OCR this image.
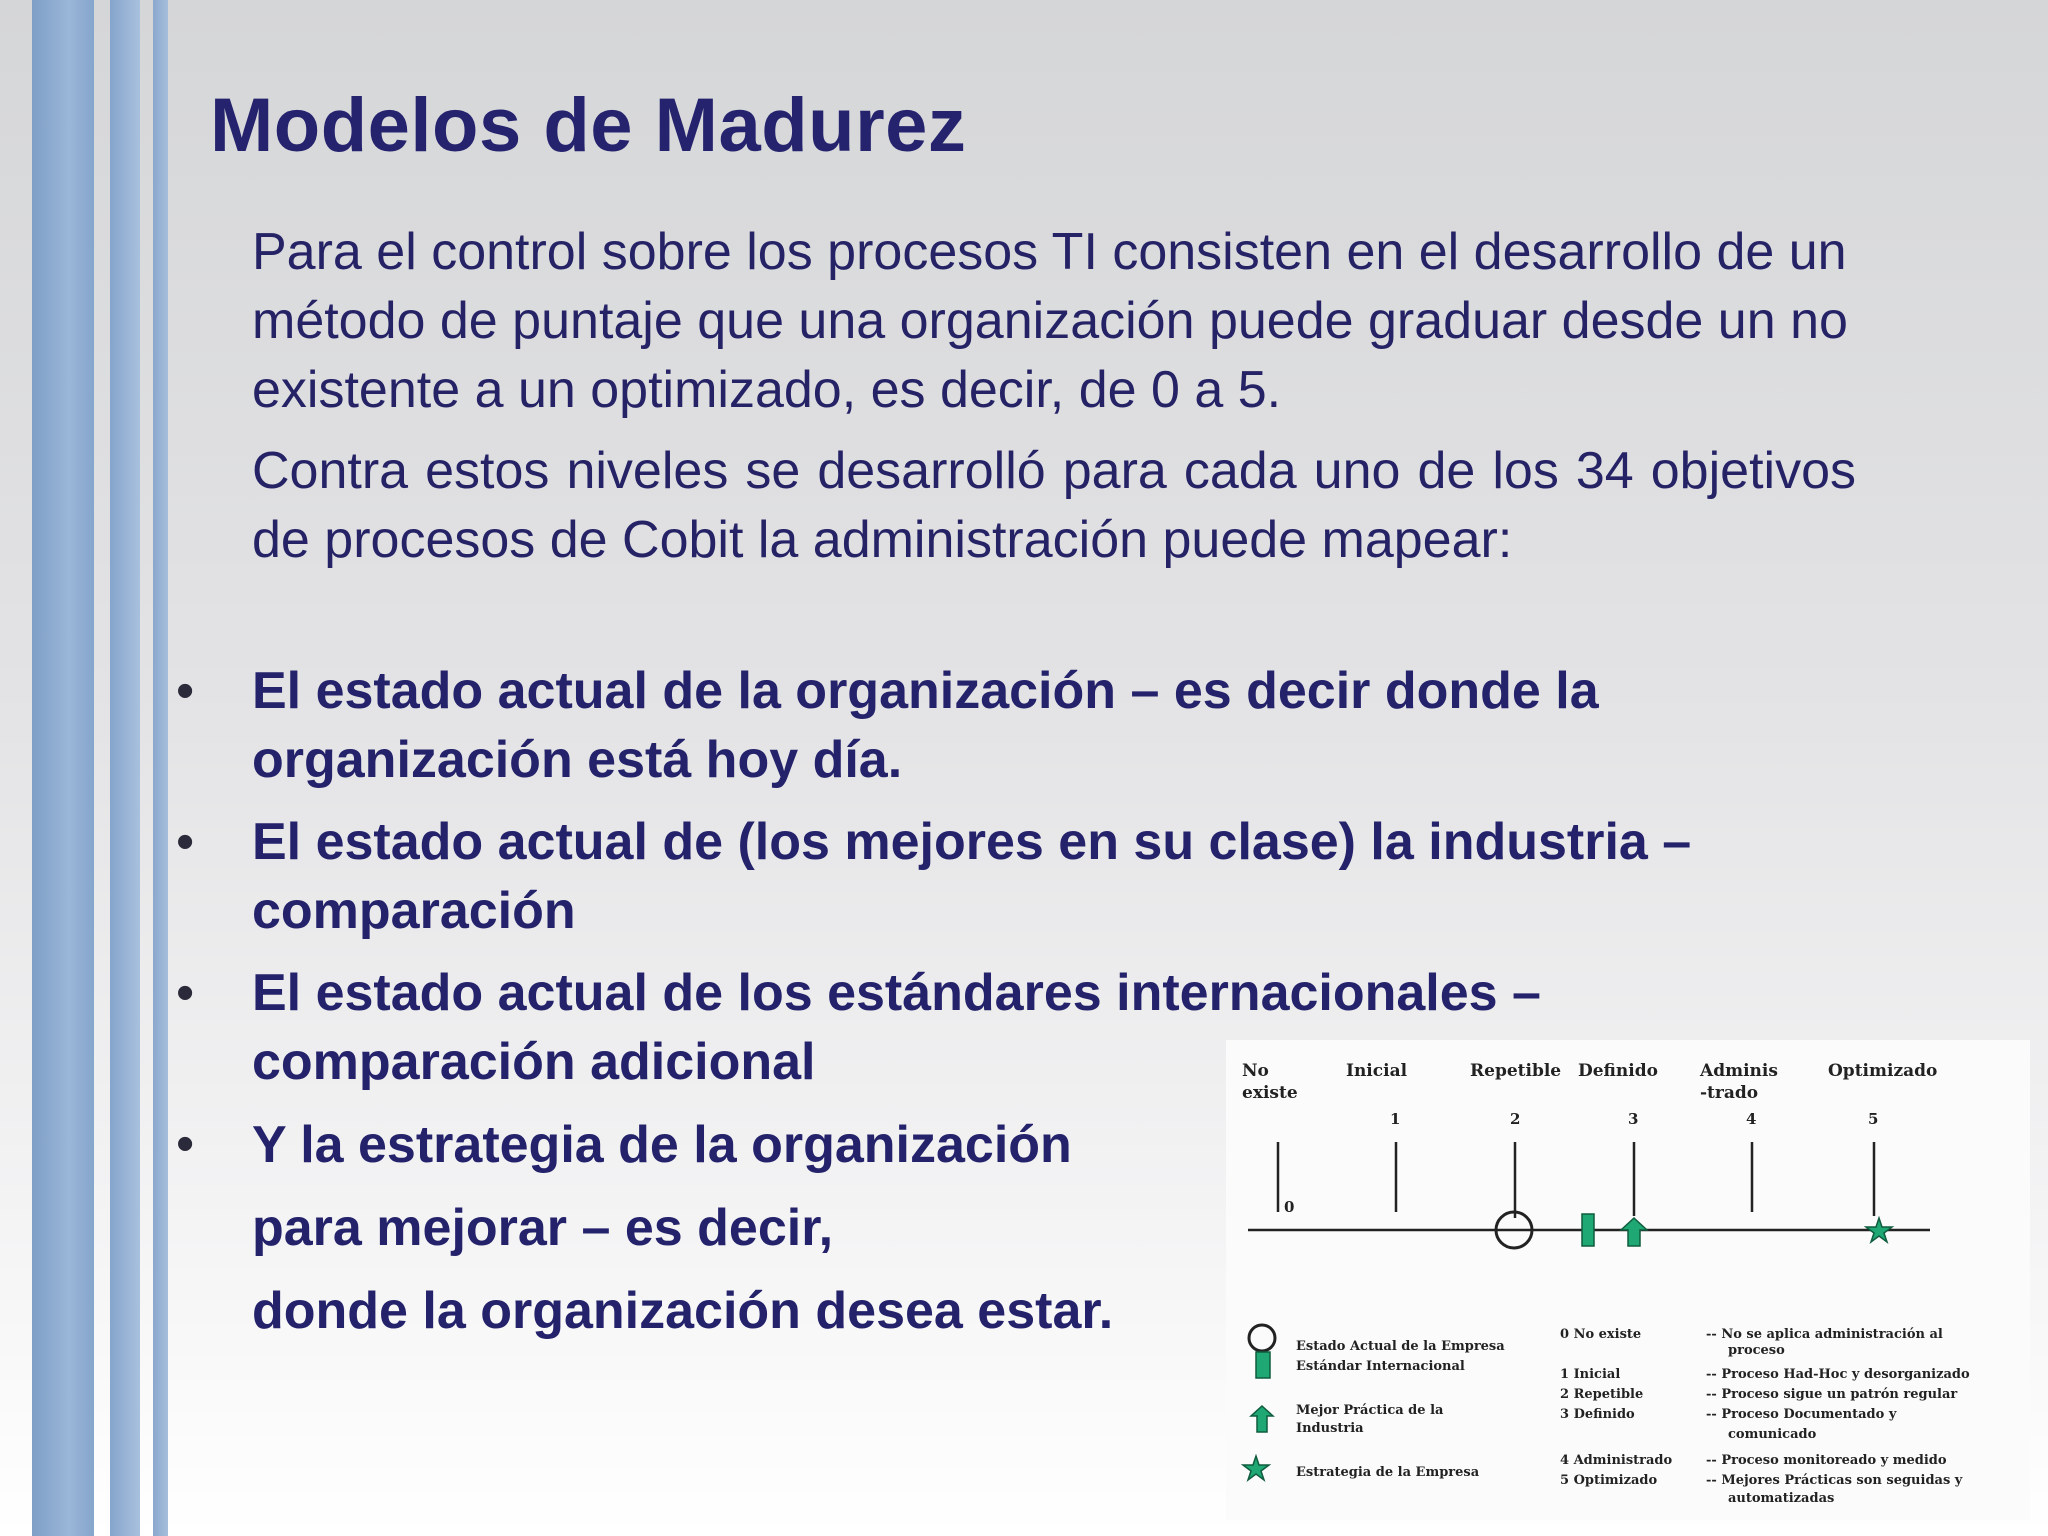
Modelos de Madurez

Para el control sobre los procesos TI consisten en el desarrollo de un método de puntaje que una organización puede graduar desde un no existente a un optimizado, es decir, de 0 a 5.

Contra estos niveles se desarrolló para cada uno de los 34 objetivos de procesos de Cobit la administración puede mapear:

• El estado actual de la organización – es decir donde la organización está hoy día.
• El estado actual de (los mejores en su clase) la industria – comparación
• El estado actual de los estándares internacionales – comparación adicional
• Y la estrategia de la organización
para mejorar – es decir,
donde la organización desea estar.
No
existe
Inicial	Repetible Definido Adminis
-trado
Optimizado
0
1	2	3	4	5
Estado Actual de la Empresa
Estándar Internacional
Mejor Práctica de la
Industria
Estrategia de la Empresa
0 No existe	-- No se aplica administración al
proceso
1 Inicial	-- Proceso Had-Hoc y desorganizado
2 Repetible	-- Proceso sigue un patrón regular
3 Definido	-- Proceso Documentado y
comunicado
4 Administrado	-- Proceso monitoreado y medido
5 Optimizado	-- Mejores Prácticas son seguidas y
automatizadas
